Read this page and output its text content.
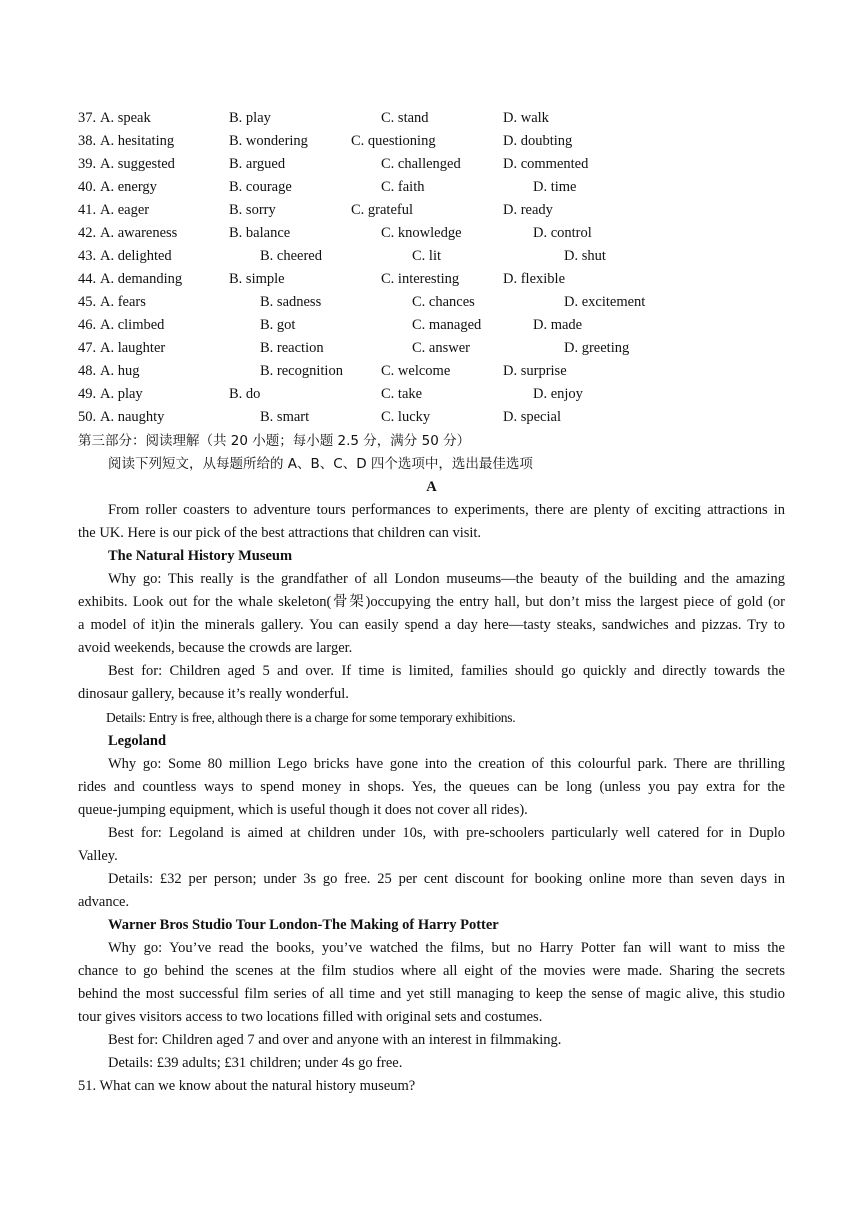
37. A. speak	B. play	C. stand	D. walk
38. A. hesitating	B. wondering	C. questioning	D. doubting
39. A. suggested	B. argued	C. challenged	D. commented
40. A. energy	B. courage	C. faith	D. time
41. A. eager	B. sorry	C. grateful	D. ready
42. A. awareness	B. balance	C. knowledge	D. control
43. A. delighted	B. cheered	C. lit	D. shut
44. A. demanding	B. simple	C. interesting	D. flexible
45. A. fears	B. sadness	C. chances	D. excitement
46. A. climbed	B. got	C. managed	D. made
47. A. laughter	B. reaction	C. answer	D. greeting
48. A. hug	B. recognition	C. welcome	D. surprise
49. A. play	B. do	C. take	D. enjoy
50. A. naughty	B. smart	C. lucky	D. special
第三部分：阅读理解（共 20 小题；每小题 2.5 分，满分 50 分）
阅读下列短文，从每题所给的 A、B、C、D 四个选项中，选出最佳选项
A
From roller coasters to adventure tours performances to experiments, there are plenty of exciting attractions in
the UK. Here is our pick of the best attractions that children can visit.
The Natural History Museum
Why go: This really is the grandfather of all London museums—the beauty of the building and the amazing
exhibits. Look out for the whale skeleton(骨架)occupying the entry hall, but don’t miss the largest piece of gold (or
a model of it)in the minerals gallery. You can easily spend a day here—tasty steaks, sandwiches and pizzas. Try to
avoid weekends, because the crowds are larger.
Best for: Children aged 5 and over. If time is limited, families should go quickly and directly towards the
dinosaur gallery, because it’s really wonderful.
Details: Entry is free, although there is a charge for some temporary exhibitions.
Legoland
Why go: Some 80 million Lego bricks have gone into the creation of this colourful park. There are thrilling
rides and countless ways to spend money in shops. Yes, the queues can be long (unless you pay extra for the
queue-jumping equipment, which is useful though it does not cover all rides).
Best for: Legoland is aimed at children under 10s, with pre-schoolers particularly well catered for in Duplo
Valley.
Details: £32 per person; under 3s go free. 25 per cent discount for booking online more than seven days in
advance.
Warner Bros Studio Tour London-The Making of Harry Potter
Why go: You’ve read the books, you’ve watched the films, but no Harry Potter fan will want to miss the
chance to go behind the scenes at the film studios where all eight of the movies were made. Sharing the secrets
behind the most successful film series of all time and yet still managing to keep the sense of magic alive, this studio
tour gives visitors access to two locations filled with original sets and costumes.
Best for: Children aged 7 and over and anyone with an interest in filmmaking.
Details: £39 adults; £31 children; under 4s go free.
51. What can we know about the natural history museum?
